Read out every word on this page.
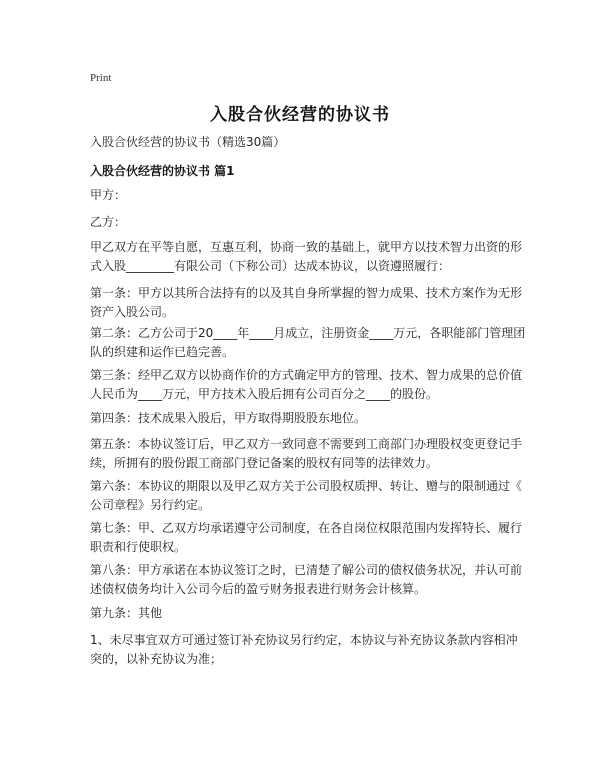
Print
入股合伙经营的协议书
入股合伙经营的协议书（精选30篇）
入股合伙经营的协议书 篇1
甲方：
乙方：
甲乙双方在平等自愿，互惠互利，协商一致的基础上，就甲方以技术智力出资的形
式入股________有限公司（下称公司）达成本协议，以资遵照履行：
第一条：甲方以其所合法持有的以及其自身所掌握的智力成果、技术方案作为无形
资产入股公司。
第二条：乙方公司于20____年____月成立，注册资金____万元，各职能部门管理团
队的织建和运作已趋完善。
第三条：经甲乙双方以协商作价的方式确定甲方的管理、技术、智力成果的总价值
人民币为____万元，甲方技术入股后拥有公司百分之____的股份。
第四条：技术成果入股后，甲方取得期股股东地位。
第五条：本协议签订后，甲乙双方一致同意不需要到工商部门办理股权变更登记手
续，所拥有的股份跟工商部门登记备案的股权有同等的法律效力。
第六条：本协议的期限以及甲乙双方关于公司股权质押、转让、赠与的限制通过《
公司章程》另行约定。
第七条：甲、乙双方均承诺遵守公司制度，在各自岗位权限范围内发挥特长、履行
职责和行使职权。
第八条：甲方承诺在本协议签订之时，已清楚了解公司的债权债务状况，并认可前
述债权债务均计入公司今后的盈亏财务报表进行财务会计核算。
第九条：其他
1、未尽事宜双方可通过签订补充协议另行约定，本协议与补充协议条款内容相冲
突的，以补充协议为准；
